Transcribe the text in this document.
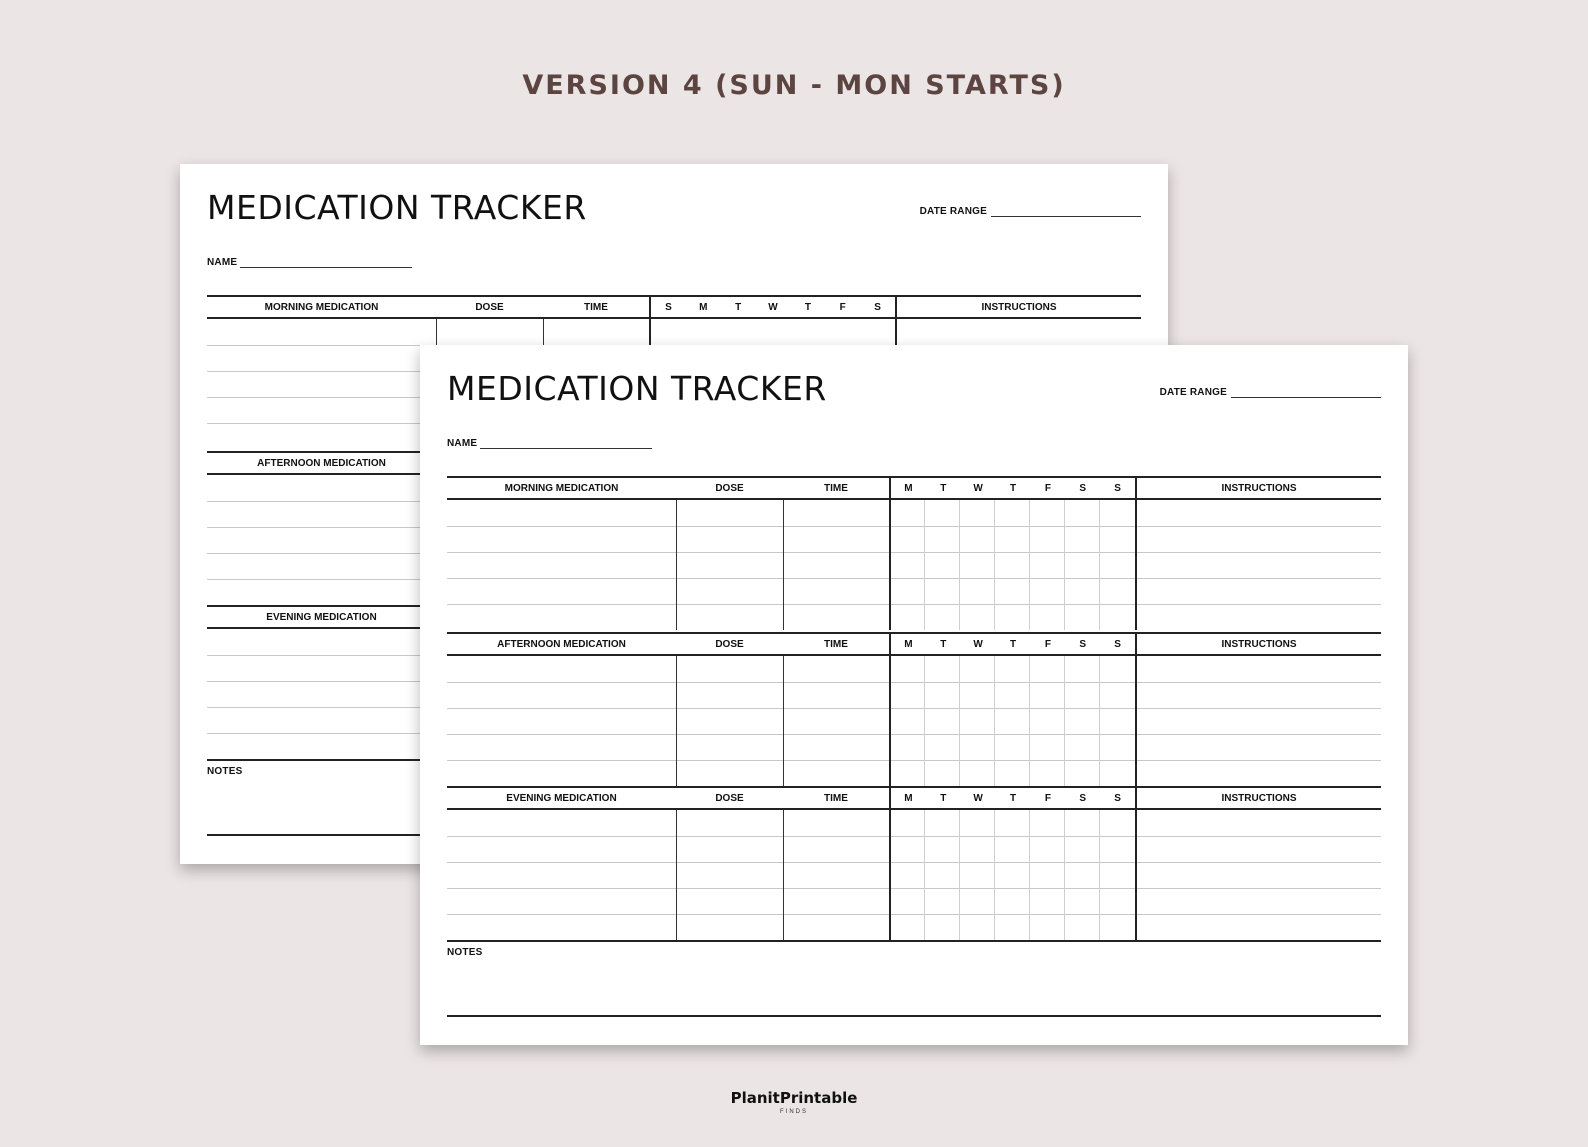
VERSION 4 (SUN - MON STARTS)
MEDICATION TRACKER	DATE RANGE
NAME
MORNING MEDICATION	DOSE	TIME	S	M	T	W	T	F	S	INSTRUCTIONS
AFTERNOON MEDICATION
EVENING MEDICATION
NOTES
MEDICATION TRACKER	DATE RANGE
NAME
MORNING MEDICATION	DOSE	TIME	M	T	W	T	F	S	S	INSTRUCTIONS
AFTERNOON MEDICATION	DOSE	TIME	M	T	W	T	F	S	S	INSTRUCTIONS
EVENING MEDICATION	DOSE	TIME	M	T	W	T	F	S	S	INSTRUCTIONS
NOTES
PlanitPrintable
FINDS
